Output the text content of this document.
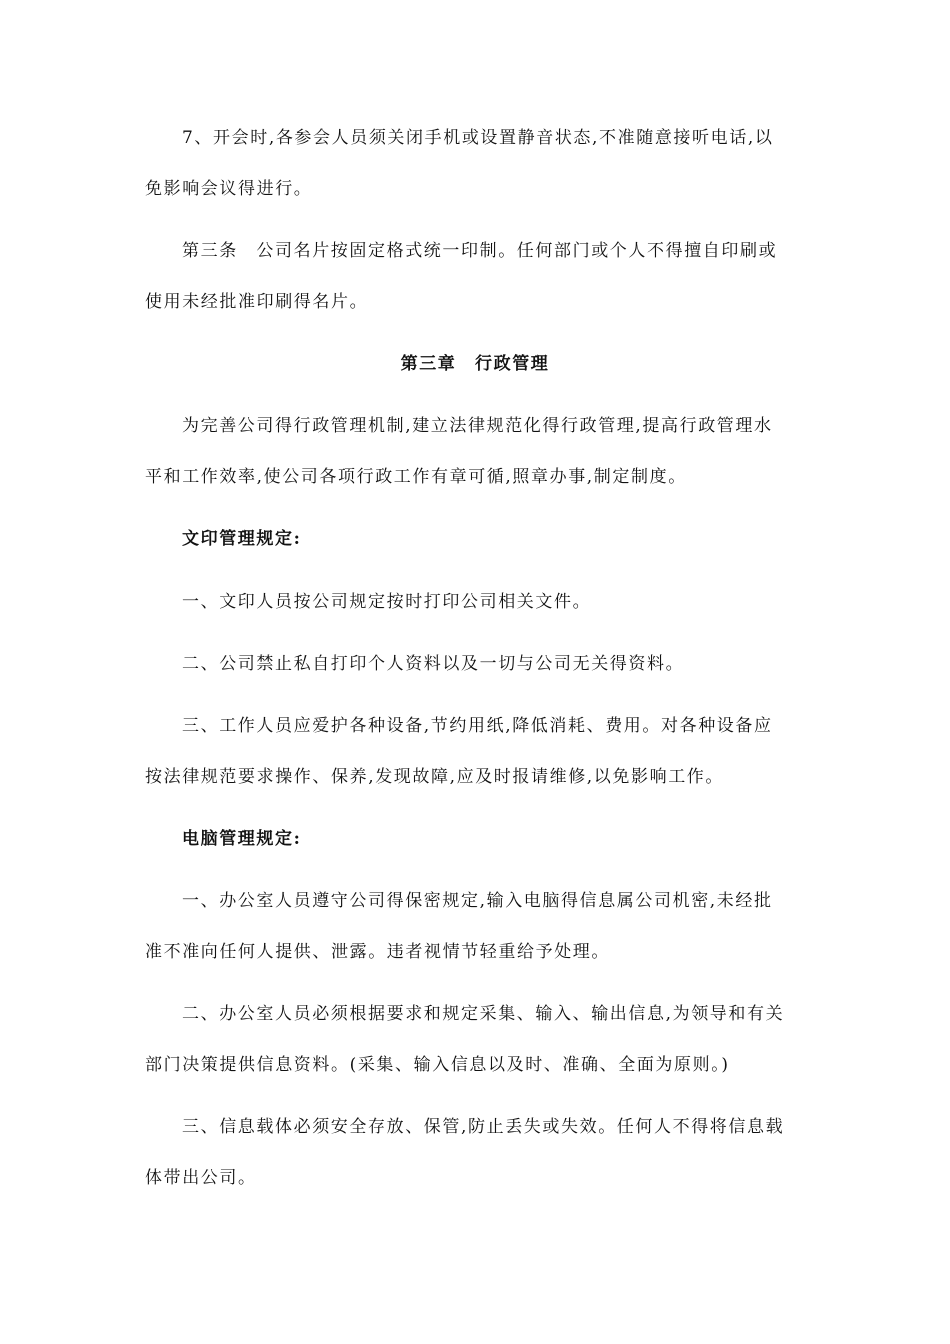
7、开会时,各参会人员须关闭手机或设置静音状态,不准随意接听电话,以
免影响会议得进行。
第三条　公司名片按固定格式统一印制。任何部门或个人不得擅自印刷或
使用未经批准印刷得名片。
第三章　行政管理
为完善公司得行政管理机制,建立法律规范化得行政管理,提高行政管理水
平和工作效率,使公司各项行政工作有章可循,照章办事,制定制度。
文印管理规定:
一、文印人员按公司规定按时打印公司相关文件。
二、公司禁止私自打印个人资料以及一切与公司无关得资料。
三、工作人员应爱护各种设备,节约用纸,降低消耗、费用。对各种设备应
按法律规范要求操作、保养,发现故障,应及时报请维修,以免影响工作。
电脑管理规定:
一、办公室人员遵守公司得保密规定,输入电脑得信息属公司机密,未经批
准不准向任何人提供、泄露。违者视情节轻重给予处理。
二、办公室人员必须根据要求和规定采集、输入、输出信息,为领导和有关
部门决策提供信息资料。(采集、输入信息以及时、准确、全面为原则。)
三、信息载体必须安全存放、保管,防止丢失或失效。任何人不得将信息载
体带出公司。
